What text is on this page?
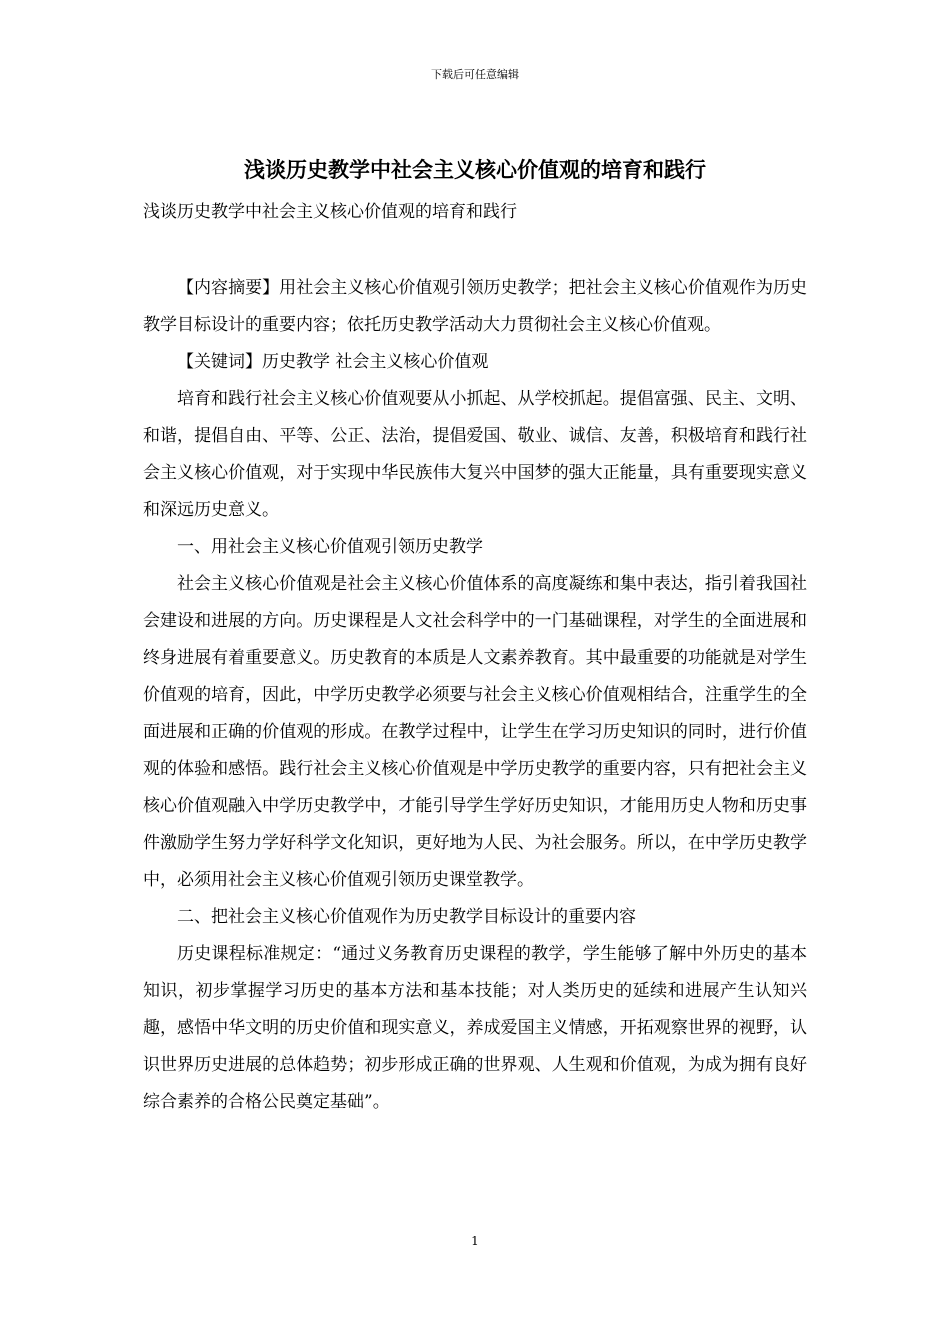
下载后可任意编辑
浅谈历史教学中社会主义核心价值观的培育和践行

浅谈历史教学中社会主义核心价值观的培育和践行

【内容摘要】用社会主义核心价值观引领历史教学；把社会主义核心价值观作为历史教学目标设计的重要内容；依托历史教学活动大力贯彻社会主义核心价值观。

【关键词】历史教学 社会主义核心价值观

培育和践行社会主义核心价值观要从小抓起、从学校抓起。提倡富强、民主、文明、和谐，提倡自由、平等、公正、法治，提倡爱国、敬业、诚信、友善，积极培育和践行社会主义核心价值观，对于实现中华民族伟大复兴中国梦的强大正能量，具有重要现实意义和深远历史意义。

一、用社会主义核心价值观引领历史教学

社会主义核心价值观是社会主义核心价值体系的高度凝练和集中表达，指引着我国社会建设和进展的方向。历史课程是人文社会科学中的一门基础课程，对学生的全面进展和终身进展有着重要意义。历史教育的本质是人文素养教育。其中最重要的功能就是对学生价值观的培育，因此，中学历史教学必须要与社会主义核心价值观相结合，注重学生的全面进展和正确的价值观的形成。在教学过程中，让学生在学习历史知识的同时，进行价值观的体验和感悟。践行社会主义核心价值观是中学历史教学的重要内容，只有把社会主义核心价值观融入中学历史教学中，才能引导学生学好历史知识，才能用历史人物和历史事件激励学生努力学好科学文化知识，更好地为人民、为社会服务。所以，在中学历史教学中，必须用社会主义核心价值观引领历史课堂教学。

二、把社会主义核心价值观作为历史教学目标设计的重要内容

历史课程标准规定：“通过义务教育历史课程的教学，学生能够了解中外历史的基本知识，初步掌握学习历史的基本方法和基本技能；对人类历史的延续和进展产生认知兴趣，感悟中华文明的历史价值和现实意义，养成爱国主义情感，开拓观察世界的视野，认识世界历史进展的总体趋势；初步形成正确的世界观、人生观和价值观，为成为拥有良好综合素养的合格公民奠定基础”。

1
